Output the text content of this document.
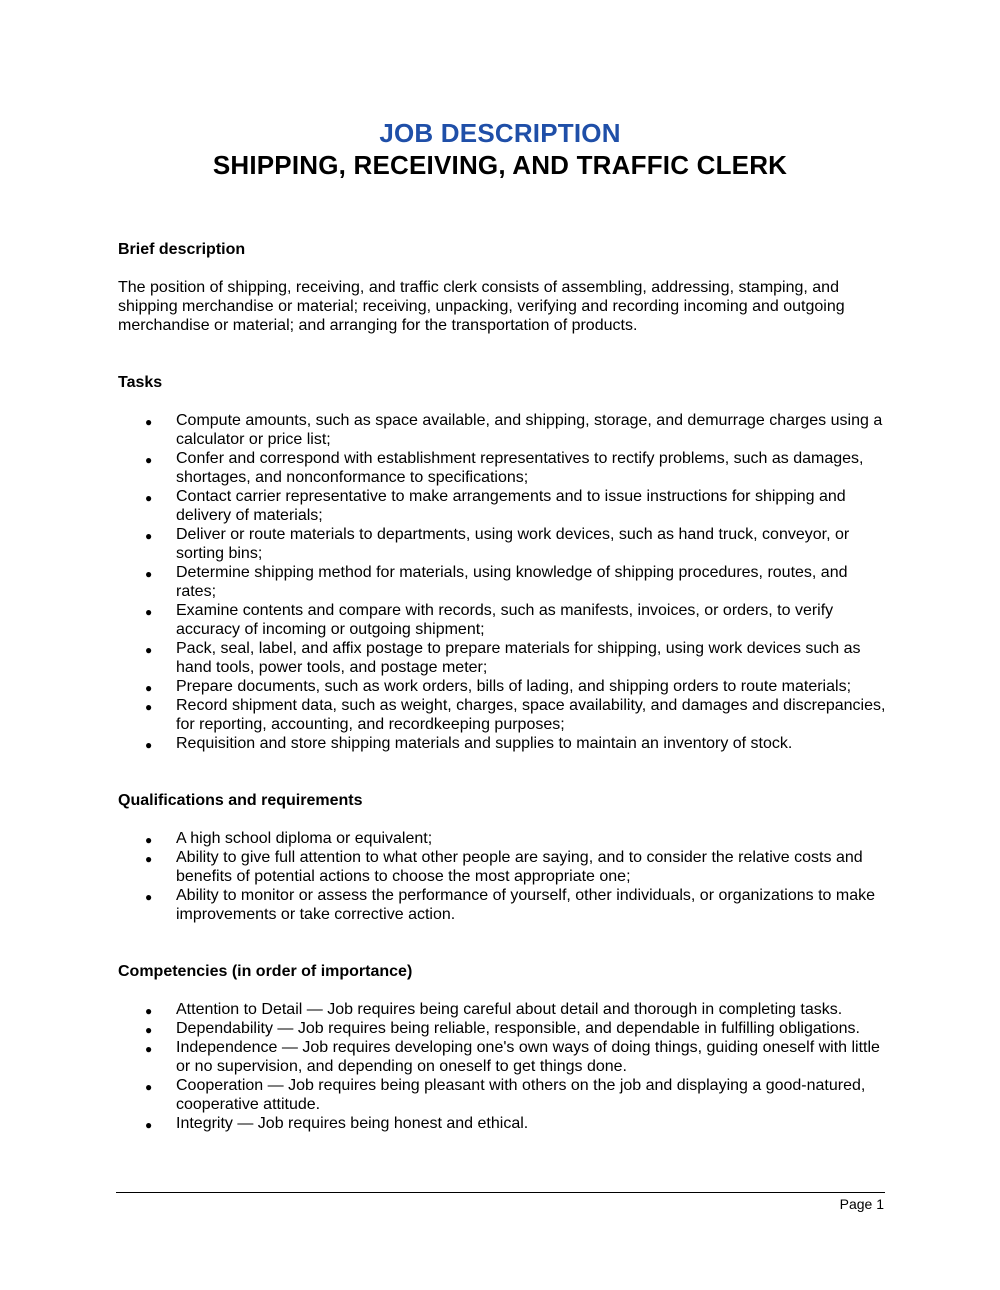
JOB DESCRIPTION
SHIPPING, RECEIVING, AND TRAFFIC CLERK

Brief description

The position of shipping, receiving, and traffic clerk consists of assembling, addressing, stamping, and shipping merchandise or material; receiving, unpacking, verifying and recording incoming and outgoing merchandise or material; and arranging for the transportation of products.

Tasks

● Compute amounts, such as space available, and shipping, storage, and demurrage charges using a calculator or price list;
● Confer and correspond with establishment representatives to rectify problems, such as damages, shortages, and nonconformance to specifications;
● Contact carrier representative to make arrangements and to issue instructions for shipping and delivery of materials;
● Deliver or route materials to departments, using work devices, such as hand truck, conveyor, or sorting bins;
● Determine shipping method for materials, using knowledge of shipping procedures, routes, and rates;
● Examine contents and compare with records, such as manifests, invoices, or orders, to verify accuracy of incoming or outgoing shipment;
● Pack, seal, label, and affix postage to prepare materials for shipping, using work devices such as hand tools, power tools, and postage meter;
● Prepare documents, such as work orders, bills of lading, and shipping orders to route materials;
● Record shipment data, such as weight, charges, space availability, and damages and discrepancies, for reporting, accounting, and recordkeeping purposes;
● Requisition and store shipping materials and supplies to maintain an inventory of stock.

Qualifications and requirements

● A high school diploma or equivalent;
● Ability to give full attention to what other people are saying, and to consider the relative costs and benefits of potential actions to choose the most appropriate one;
● Ability to monitor or assess the performance of yourself, other individuals, or organizations to make improvements or take corrective action.

Competencies (in order of importance)

● Attention to Detail — Job requires being careful about detail and thorough in completing tasks.
● Dependability — Job requires being reliable, responsible, and dependable in fulfilling obligations.
● Independence — Job requires developing one's own ways of doing things, guiding oneself with little or no supervision, and depending on oneself to get things done.
● Cooperation — Job requires being pleasant with others on the job and displaying a good-natured, cooperative attitude.
● Integrity — Job requires being honest and ethical.
Page 1
